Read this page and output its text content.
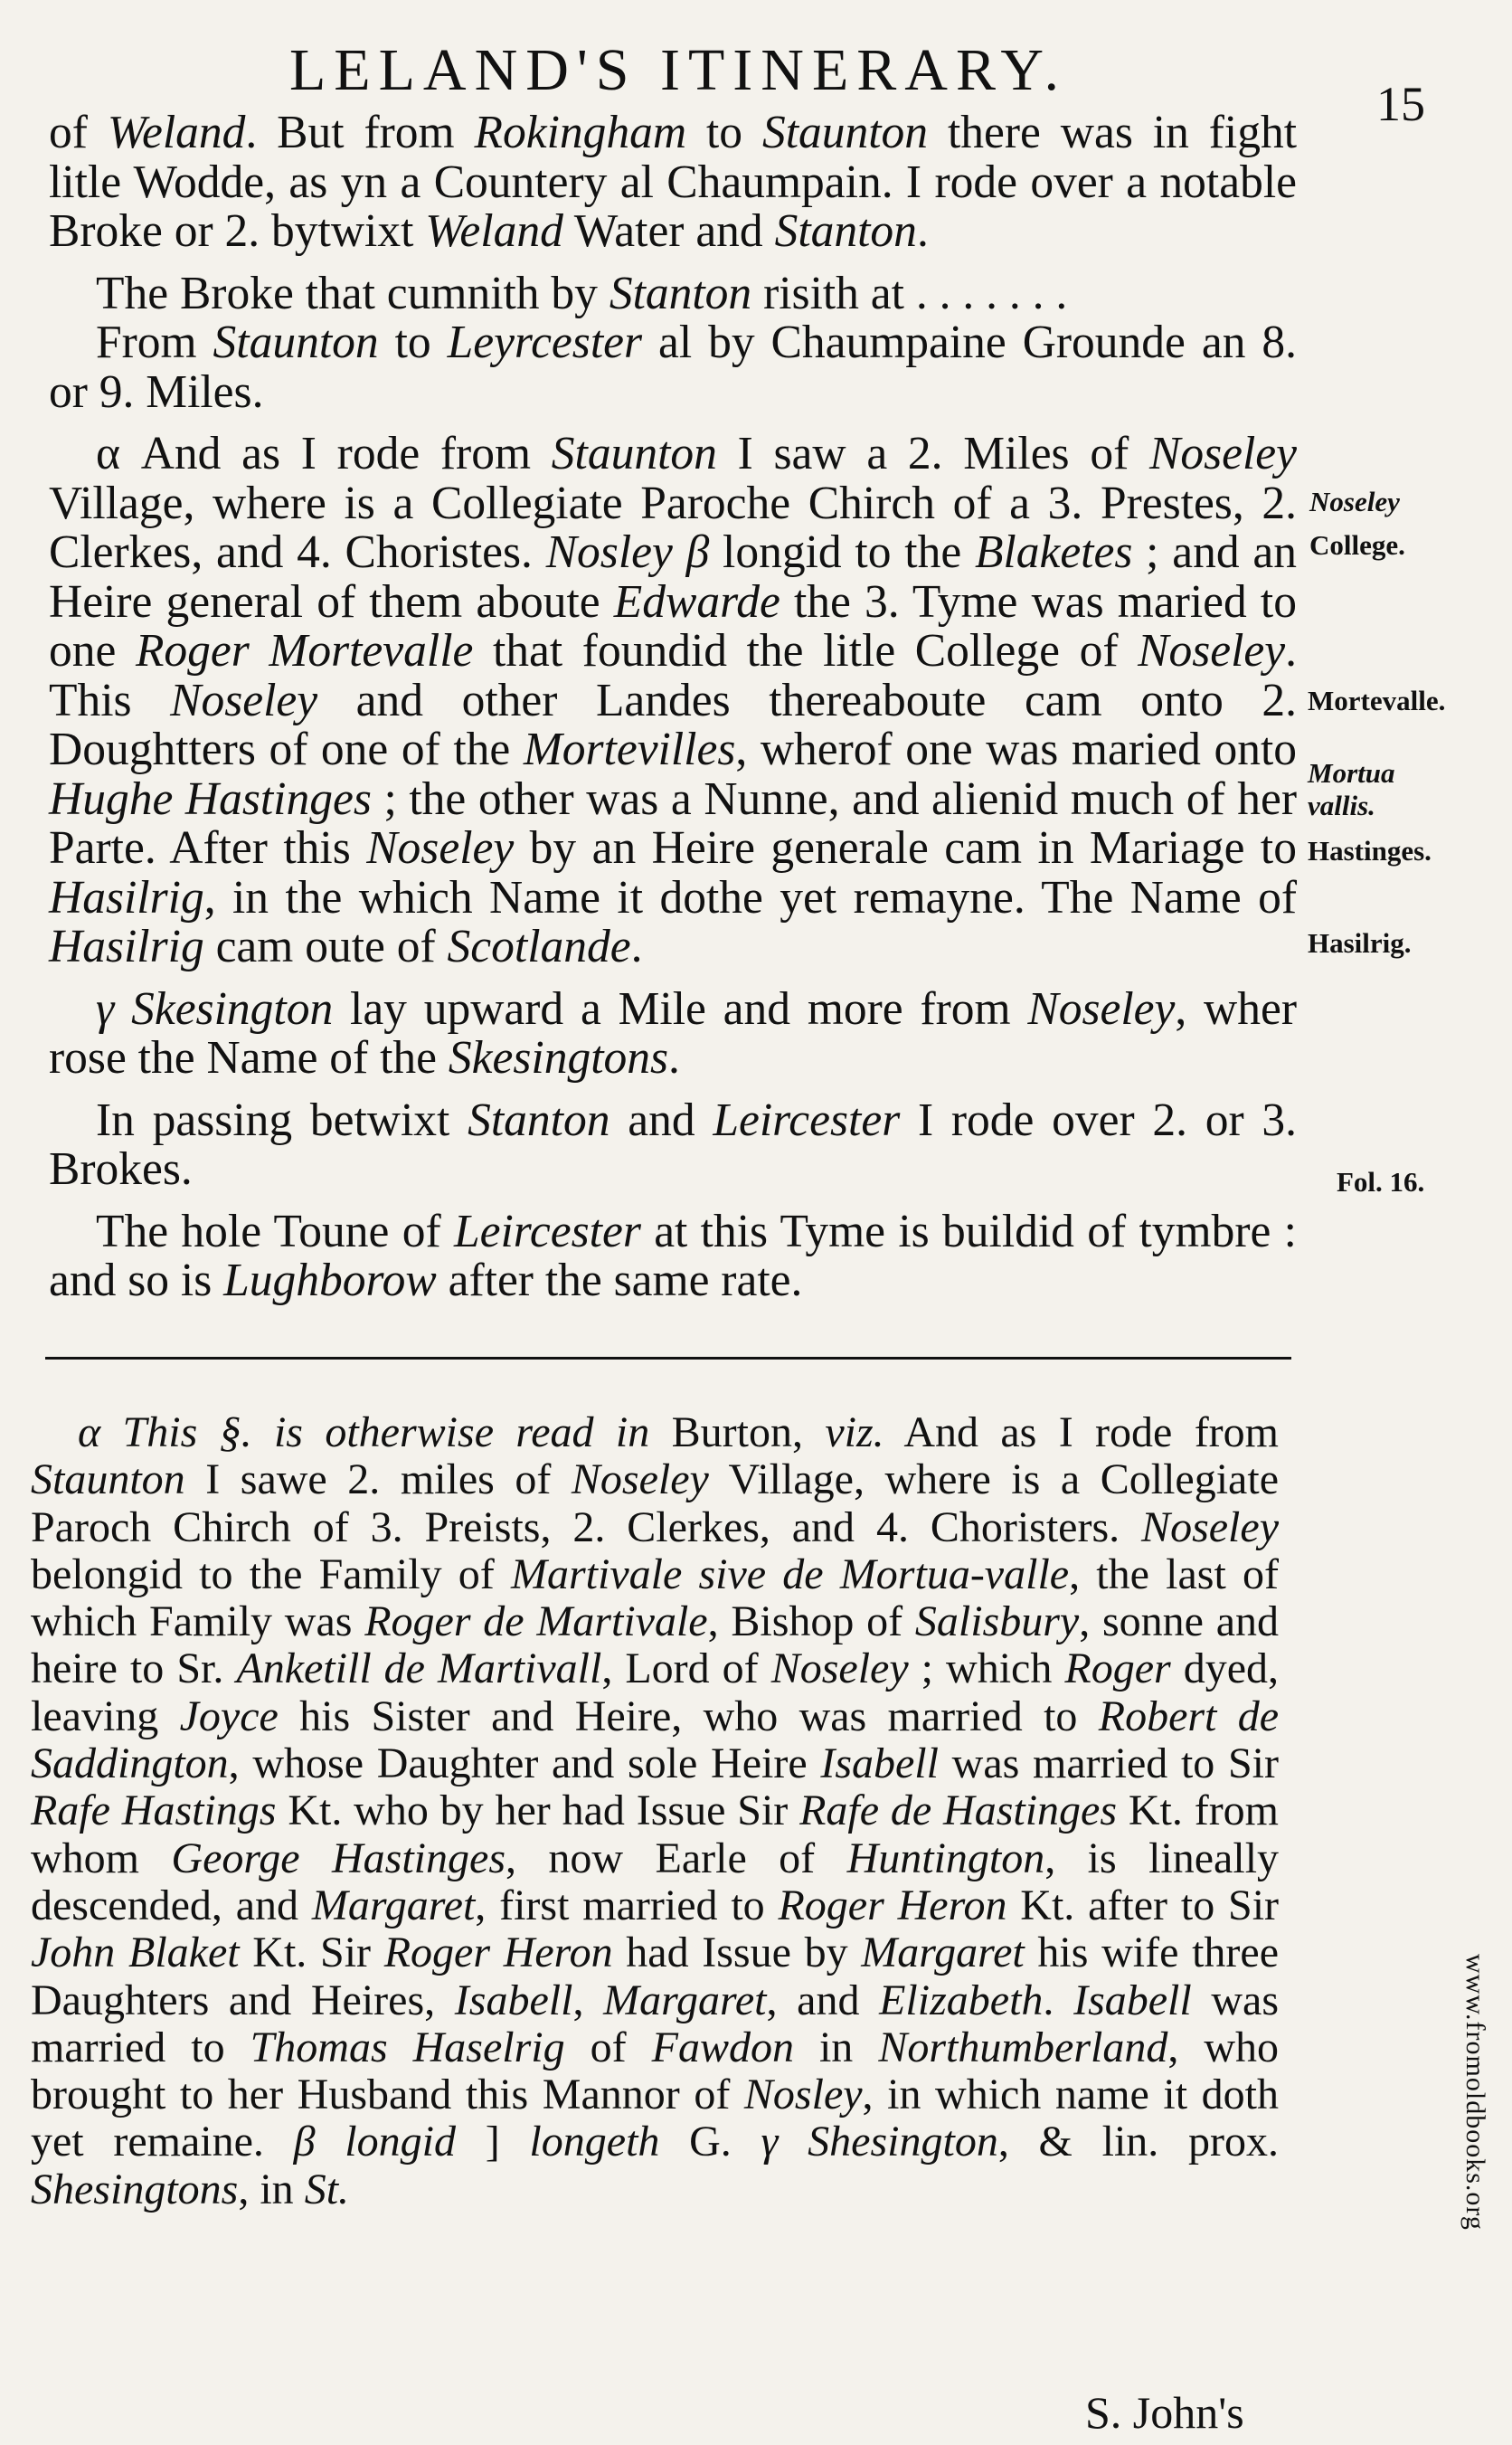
LELAND'S ITINERARY.
15

of Weland. But from Rokingham to Staunton there was in fight litle Wodde, as yn a Countery al Chaumpain. I rode over a notable Broke or 2. bytwixt Weland Water and Stanton.

The Broke that cumnith by Stanton risith at . . . . . . .

From Staunton to Leyrcester al by Chaumpaine Grounde an 8. or 9. Miles.

α And as I rode from Staunton I saw a 2. Miles of Noseley Village, where is a Collegiate Paroche Chirch of a 3. Prestes, 2. Clerkes, and 4. Choristes. Nosley β longid to the Blaketes ; and an Heire general of them aboute Edwarde the 3. Tyme was maried to one Roger Mortevalle that foundid the litle College of Noseley. This Noseley and other Landes thereaboute cam onto 2. Doughtters of one of the Mortevilles, wherof one was maried onto Hughe Hastinges ; the other was a Nunne, and alienid much of her Parte. After this Noseley by an Heire generale cam in Mariage to Hasilrig, in the which Name it dothe yet remayne. The Name of Hasilrig cam oute of Scotlande.

γ Skesington lay upward a Mile and more from Noseley, wher rose the Name of the Skesingtons.

In passing betwixt Stanton and Leircester I rode over 2. or 3. Brokes.

The hole Toune of Leircester at this Tyme is buildid of tymbre : and so is Lughborow after the same rate.

Noseley
College.
Mortevalle.
Mortua
vallis.
Hastinges.
Hasilrig.
Fol. 16.

α This §. is otherwise read in Burton, viz. And as I rode from Staunton I sawe 2. miles of Noseley Village, where is a Collegiate Paroch Chirch of 3. Preists, 2. Clerkes, and 4. Choristers. Noseley belongid to the Family of Martivale sive de Mortua-valle, the last of which Family was Roger de Martivale, Bishop of Salisbury, sonne and heire to Sr. Anketill de Martivall, Lord of Noseley ; which Roger dyed, leaving Joyce his Sister and Heire, who was married to Robert de Saddington, whose Daughter and sole Heire Isabell was married to Sir Rafe Hastings Kt. who by her had Issue Sir Rafe de Hastinges Kt. from whom George Hastinges, now Earle of Huntington, is lineally descended, and Margaret, first married to Roger Heron Kt. after to Sir John Blaket Kt. Sir Roger Heron had Issue by Margaret his wife three Daughters and Heires, Isabell, Margaret, and Elizabeth. Isabell was married to Thomas Haselrig of Fawdon in Northumberland, who brought to her Husband this Mannor of Nosley, in which name it doth yet remaine. β longid ] longeth G. γ Shesington, & lin. prox. Shesingtons, in St.

S. John's
www.fromoldbooks.org
